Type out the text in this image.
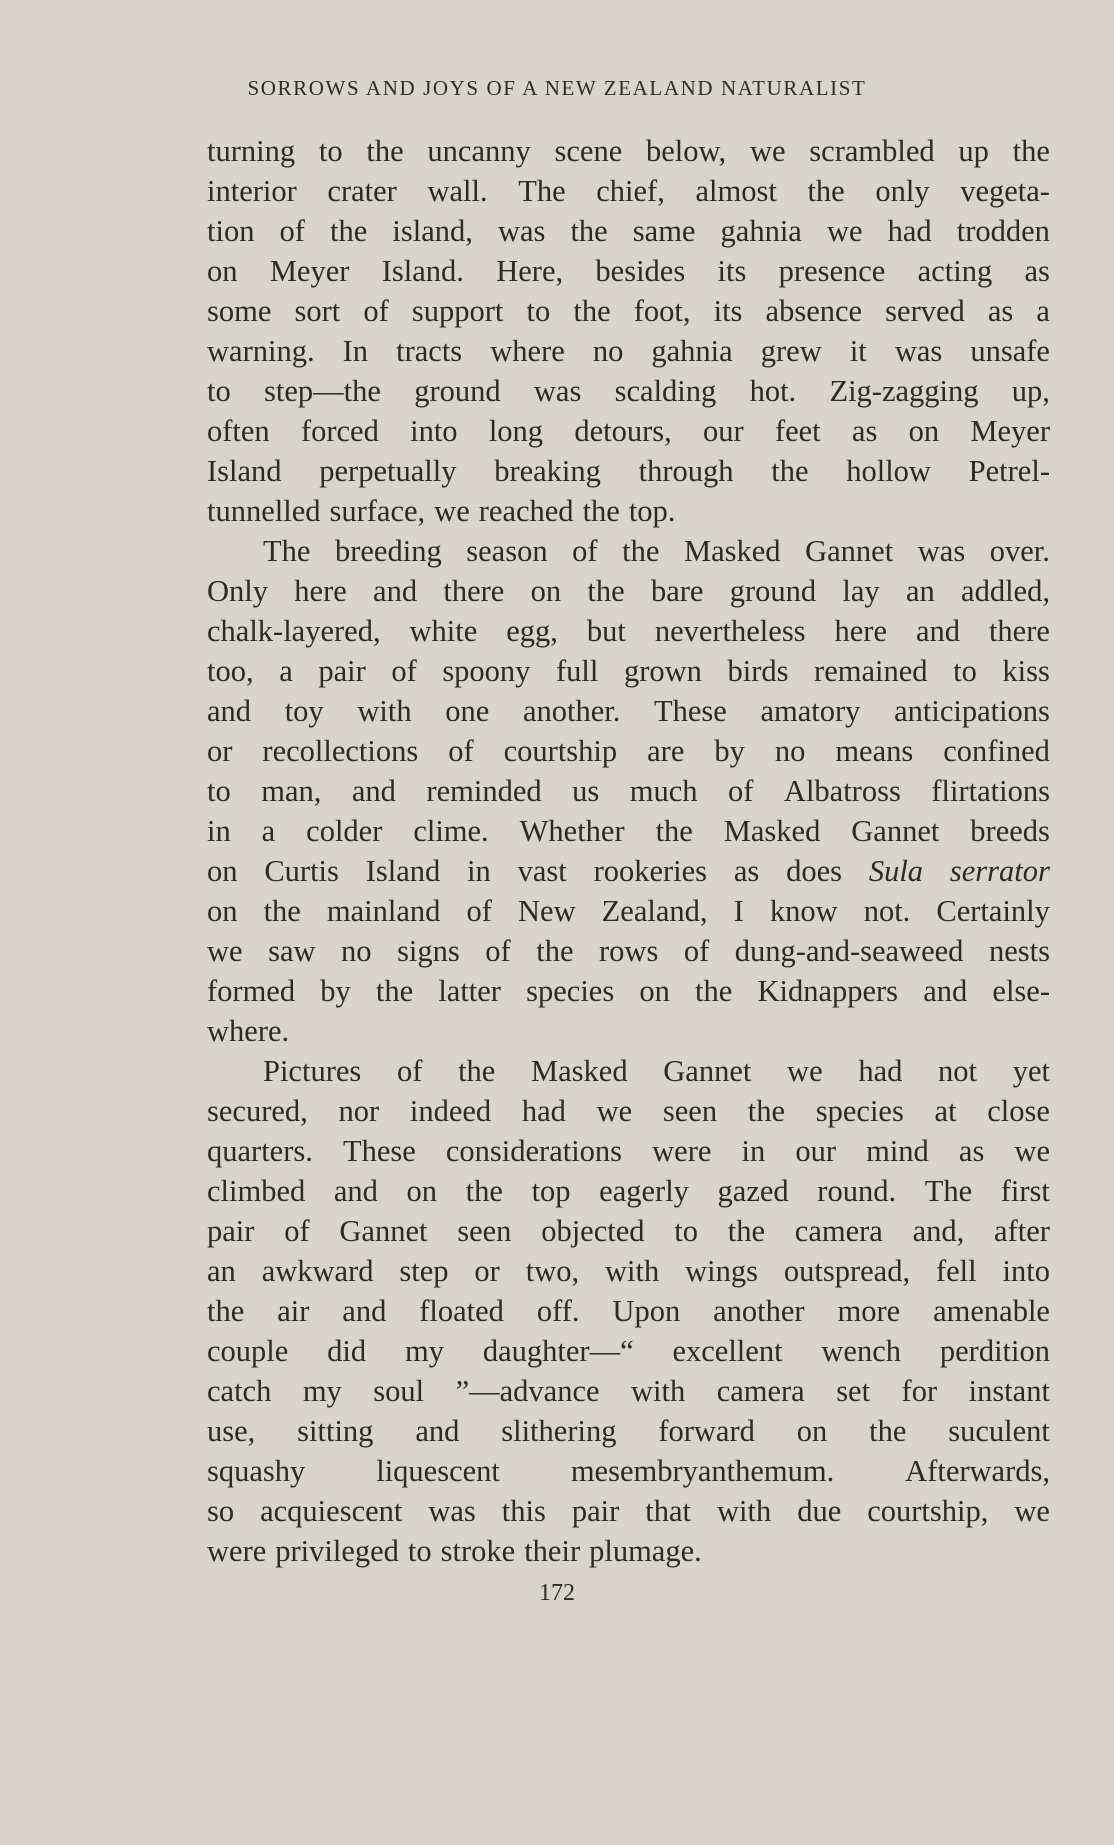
SORROWS AND JOYS OF A NEW ZEALAND NATURALIST
turning to the uncanny scene below, we scrambled up the
interior crater wall. The chief, almost the only vegeta-
tion of the island, was the same gahnia we had trodden
on Meyer Island. Here, besides its presence acting as
some sort of support to the foot, its absence served as a
warning. In tracts where no gahnia grew it was unsafe
to step—the ground was scalding hot. Zig-zagging up,
often forced into long detours, our feet as on Meyer
Island perpetually breaking through the hollow Petrel-
tunnelled surface, we reached the top.
The breeding season of the Masked Gannet was over.
Only here and there on the bare ground lay an addled,
chalk-layered, white egg, but nevertheless here and there
too, a pair of spoony full grown birds remained to kiss
and toy with one another. These amatory anticipations
or recollections of courtship are by no means confined
to man, and reminded us much of Albatross flirtations
in a colder clime. Whether the Masked Gannet breeds
on Curtis Island in vast rookeries as does Sula serrator
on the mainland of New Zealand, I know not. Certainly
we saw no signs of the rows of dung-and-seaweed nests
formed by the latter species on the Kidnappers and else-
where.
Pictures of the Masked Gannet we had not yet
secured, nor indeed had we seen the species at close
quarters. These considerations were in our mind as we
climbed and on the top eagerly gazed round. The first
pair of Gannet seen objected to the camera and, after
an awkward step or two, with wings outspread, fell into
the air and floated off. Upon another more amenable
couple did my daughter—“ excellent wench perdition
catch my soul ”—advance with camera set for instant
use, sitting and slithering forward on the suculent
squashy liquescent mesembryanthemum. Afterwards,
so acquiescent was this pair that with due courtship, we
were privileged to stroke their plumage.
172
